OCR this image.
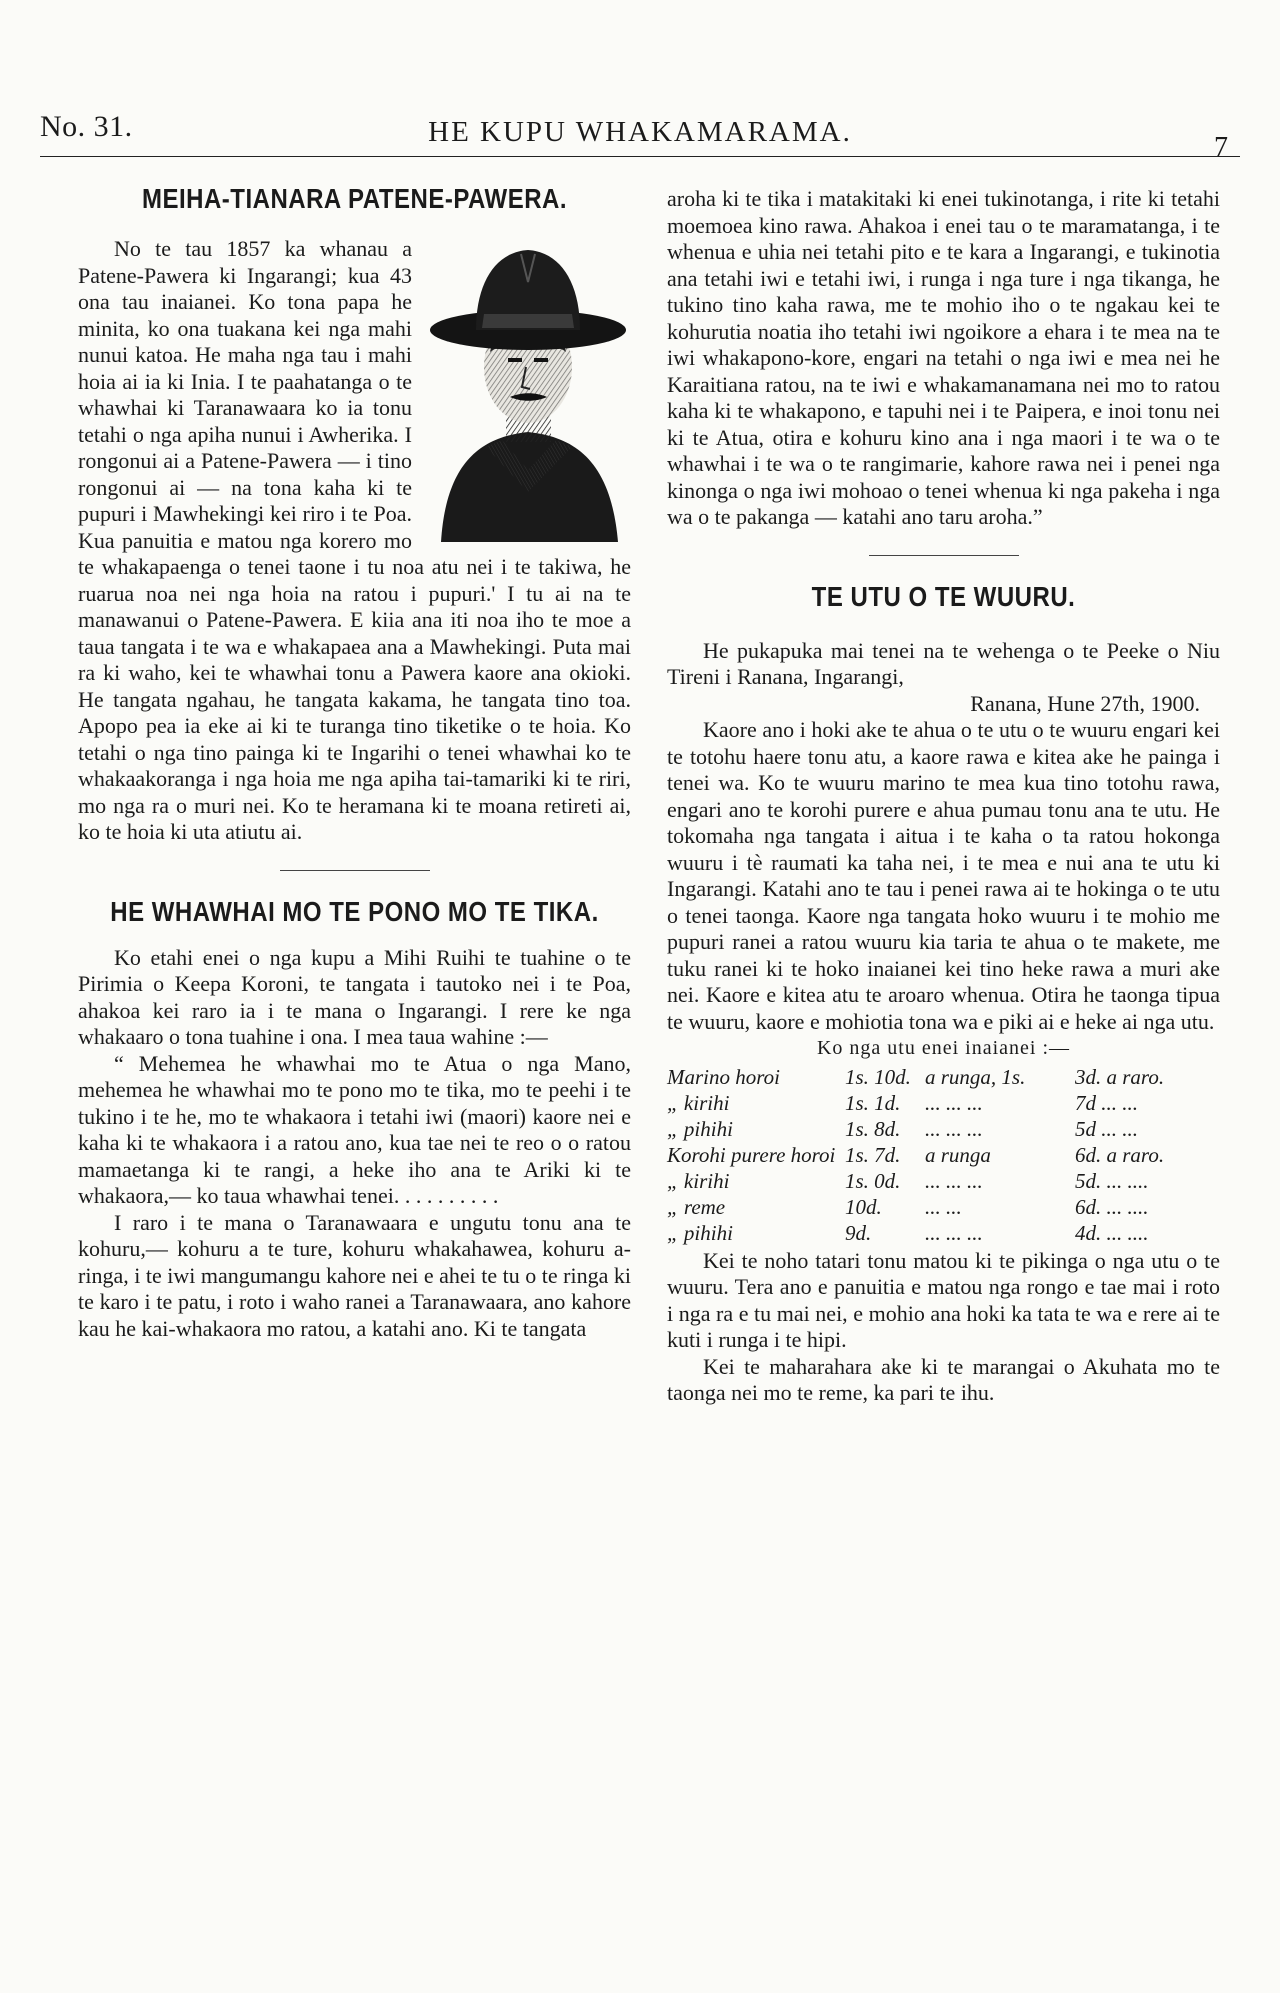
No. 31.	HE KUPU WHAKAMARAMA.	7
MEIHA-TIANARA PATENE-PAWERA.

No te tau 1857 ka whanau a Patene-Pawera ki Ingarangi; kua 43 ona tau inaianei. Ko tona papa he minita, ko ona tuakana kei nga mahi nunui katoa. He maha nga tau i mahi hoia ai ia ki Inia. I te paahatanga o te whawhai ki Taranawaara ko ia tonu tetahi o nga apiha nunui i Awherika. I rongonui ai a Patene-Pawera — i tino rongonui ai — na tona kaha ki te pupuri i Mawhekingi kei riro i te Poa. Kua panuitia e matou nga korero mo te whakapaenga o tenei taone i tu noa atu nei i te takiwa, he ruarua noa nei nga hoia na ratou i pupuri.' I tu ai na te manawanui o Patene-Pawera. E kiia ana iti noa iho te moe a taua tangata i te wa e whakapaea ana a Mawhekingi. Puta mai ra ki waho, kei te whawhai tonu a Pawera kaore ana okioki. He tangata ngahau, he tangata kakama, he tangata tino toa. Apopo pea ia eke ai ki te turanga tino tiketike o te hoia. Ko tetahi o nga tino painga ki te Ingarihi o tenei whawhai ko te whakaakoranga i nga hoia me nga apiha tai-tamariki ki te riri, mo nga ra o muri nei. Ko te heramana ki te moana retireti ai, ko te hoia ki uta atiutu ai.

HE WHAWHAI MO TE PONO MO TE TIKA.

Ko etahi enei o nga kupu a Mihi Ruihi te tuahine o te Pirimia o Keepa Koroni, te tangata i tautoko nei i te Poa, ahakoa kei raro ia i te mana o Ingarangi. I rere ke nga whakaaro o tona tuahine i ona. I mea taua wahine :—

“ Mehemea he whawhai mo te Atua o nga Mano, mehemea he whawhai mo te pono mo te tika, mo te peehi i te tukino i te he, mo te whakaora i tetahi iwi (maori) kaore nei e kaha ki te whakaora i a ratou ano, kua tae nei te reo o o ratou mamaetanga ki te rangi, a heke iho ana te Ariki ki te whakaora,— ko taua whawhai tenei. . . . . . . . . .

I raro i te mana o Taranawaara e ungutu tonu ana te kohuru,— kohuru a te ture, kohuru whakahawea, kohuru a-ringa, i te iwi mangumangu kahore nei e ahei te tu o te ringa ki te karo i te patu, i roto i waho ranei a Taranawaara, ano kahore kau he kai-whakaora mo ratou, a katahi ano. Ki te tangata

aroha ki te tika i matakitaki ki enei tukinotanga, i rite ki tetahi moemoea kino rawa. Ahakoa i enei tau o te maramatanga, i te whenua e uhia nei tetahi pito e te kara a Ingarangi, e tukinotia ana tetahi iwi e tetahi iwi, i runga i nga ture i nga tikanga, he tukino tino kaha rawa, me te mohio iho o te ngakau kei te kohurutia noatia iho tetahi iwi ngoikore a ehara i te mea na te iwi whakapono-kore, engari na tetahi o nga iwi e mea nei he Karaitiana ratou, na te iwi e whakamanamana nei mo to ratou kaha ki te whakapono, e tapuhi nei i te Paipera, e inoi tonu nei ki te Atua, otira e kohuru kino ana i nga maori i te wa o te whawhai i te wa o te rangimarie, kahore rawa nei i penei nga kinonga o nga iwi mohoao o tenei whenua ki nga pakeha i nga wa o te pakanga — katahi ano taru aroha.”

TE UTU O TE WUURU.

He pukapuka mai tenei na te wehenga o te Peeke o Niu Tireni i Ranana, Ingarangi,

Ranana, Hune 27th, 1900.

Kaore ano i hoki ake te ahua o te utu o te wuuru engari kei te totohu haere tonu atu, a kaore rawa e kitea ake he painga i tenei wa. Ko te wuuru marino te mea kua tino totohu rawa, engari ano te korohi purere e ahua pumau tonu ana te utu. He tokomaha nga tangata i aitua i te kaha o ta ratou hokonga wuuru i tè raumati ka taha nei, i te mea e nui ana te utu ki Ingarangi. Katahi ano te tau i penei rawa ai te hokinga o te utu o tenei taonga. Kaore nga tangata hoko wuuru i te mohio me pupuri ranei a ratou wuuru kia taria te ahua o te makete, me tuku ranei ki te hoko inaianei kei tino heke rawa a muri ake nei. Kaore e kitea atu te aroaro whenua. Otira he taonga tipua te wuuru, kaore e mohiotia tona wa e piki ai e heke ai nga utu.

Ko nga utu enei inaianei :—

Marino horoi	1s. 10d.	a runga, 1s.	3d. a raro.
„ kirihi	1s. 1d.	... ... ...	7d ... ...
„ pihihi	1s. 8d.	... ... ...	5d ... ...
Korohi purere horoi	1s. 7d.	a runga	6d. a raro.
„ kirihi	1s. 0d.	... ... ...	5d. ... ....
„ reme	10d.	... ...	6d. ... ....
„ pihihi	9d.	... ... ...	4d. ... ....

Kei te noho tatari tonu matou ki te pikinga o nga utu o te wuuru. Tera ano e panuitia e matou nga rongo e tae mai i roto i nga ra e tu mai nei, e mohio ana hoki ka tata te wa e rere ai te kuti i runga i te hipi.

Kei te maharahara ake ki te marangai o Akuhata mo te taonga nei mo te reme, ka pari te ihu.
